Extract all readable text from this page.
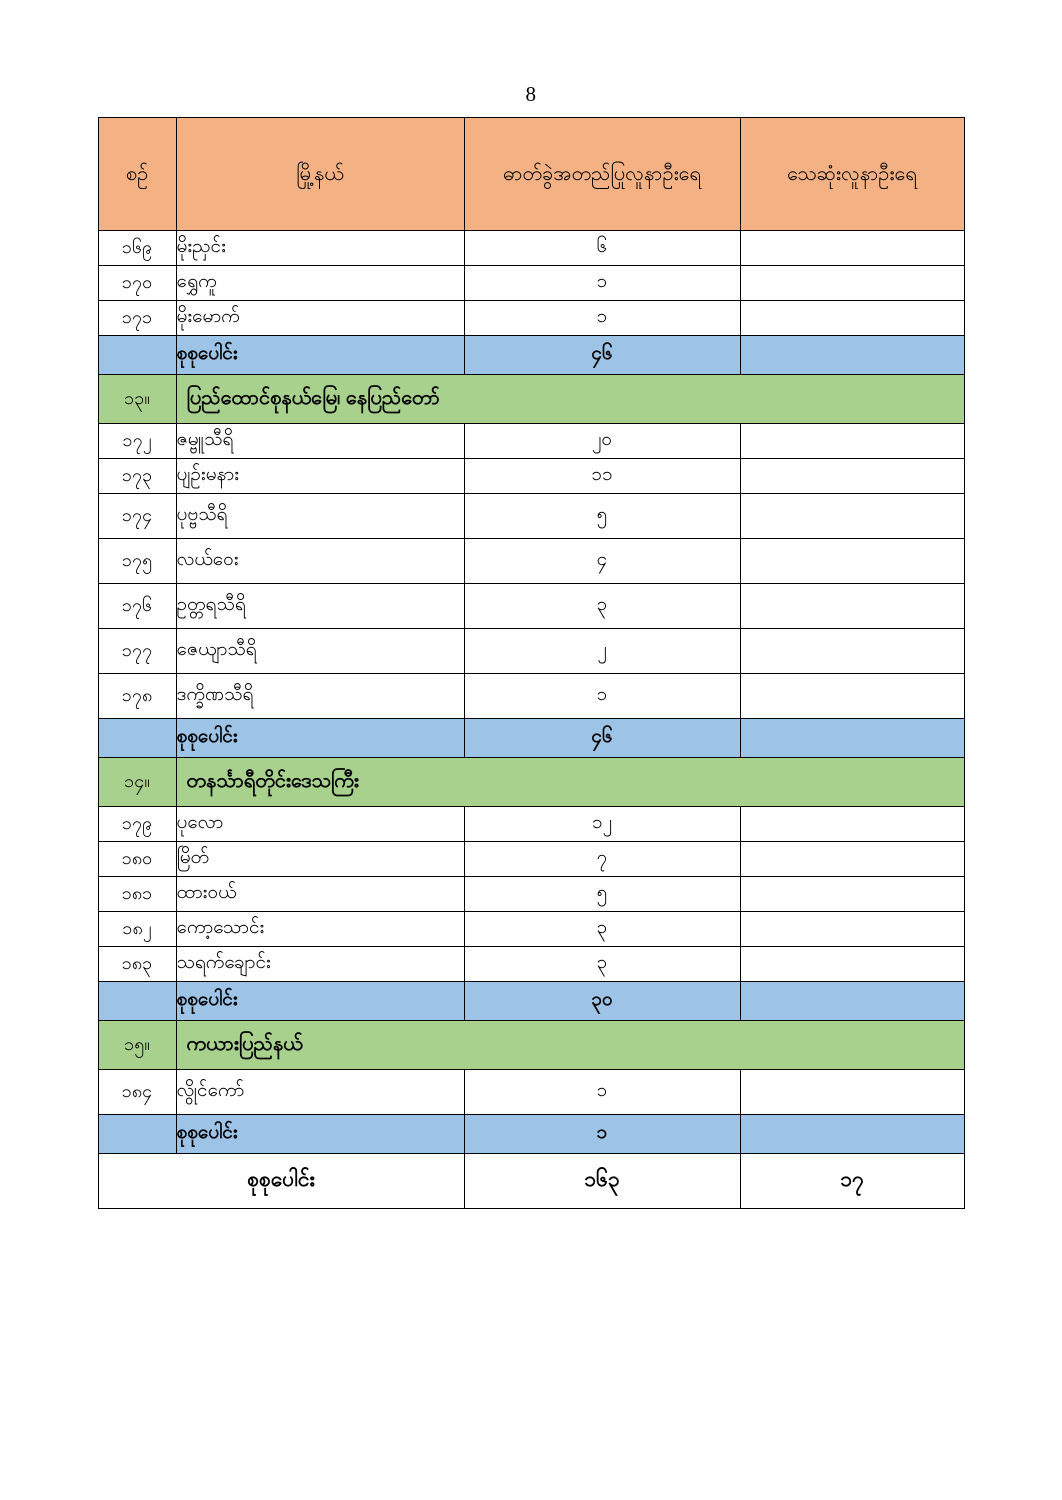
8
စဉ်	မြို့နယ်	ဓာတ်ခွဲအတည်ပြုလူနာဦးရေ	သေဆုံးလူနာဦးရေ
၁၆၉	မိုးညှင်း	၆	
၁၇၀	ရွှေကူ	၁	
၁၇၁	မိုးမောက်	၁	
	စုစုပေါင်း	၄၆	
၁၃။	ပြည်ထောင်စုနယ်မြေ၊ နေပြည်တော်		
၁၇၂	ဇမ္ဗူသီရိ	၂၀	
၁၇၃	ပျဉ်းမနား	၁၁	
၁၇၄	ပုဗ္ဗသီရိ	၅	
၁၇၅	လယ်ဝေး	၄	
၁၇၆	ဥတ္တရသီရိ	၃	
၁၇၇	ဇေယျာသီရိ	၂	
၁၇၈	ဒက္ခိဏသီရိ	၁	
	စုစုပေါင်း	၄၆	
၁၄။	တနင်္သာရီတိုင်းဒေသကြီး		
၁၇၉	ပုလော	၁၂	
၁၈၀	မြိတ်	၇	
၁၈၁	ထားဝယ်	၅	
၁၈၂	ကော့သောင်း	၃	
၁၈၃	သရက်ချောင်း	၃	
	စုစုပေါင်း	၃၀	
၁၅။	ကယားပြည်နယ်		
၁၈၄	လွိုင်ကော်	၁	
	စုစုပေါင်း	၁	
စုစုပေါင်း		၁၆၃	၁၇
